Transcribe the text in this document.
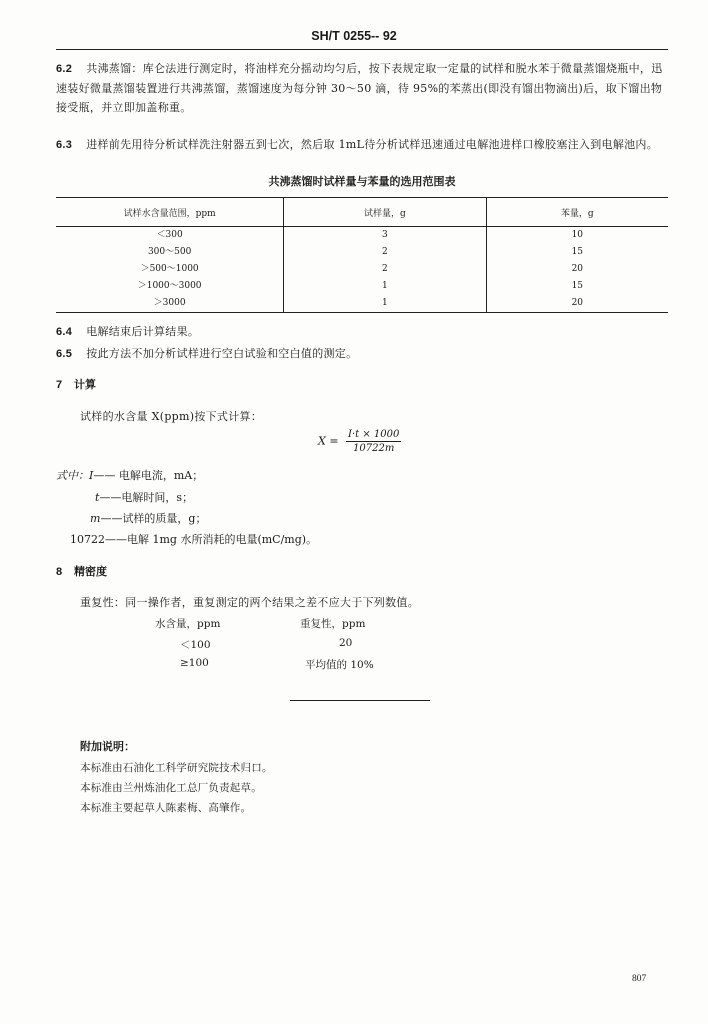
SH/T 0255-- 92
6.2 共沸蒸馏：库仑法进行测定时，将油样充分摇动均匀后，按下表规定取一定量的试样和脱水苯于微量蒸馏烧瓶中，迅速装好微量蒸馏装置进行共沸蒸馏，蒸馏速度为每分钟 30～50 滴，待 95%的苯蒸出(即没有馏出物滴出)后，取下馏出物接受瓶，并立即加盖称重。
6.3 进样前先用待分析试样洗注射器五到七次，然后取 1mL待分析试样迅速通过电解池进样口橡胶塞注入到电解池内。
共沸蒸馏时试样量与苯量的选用范围表
试样水含量范围，ppm	试样量，g	苯量，g
＜300	3	10
300～500	2	15
＞500～1000	2	20
＞1000～3000	1	15
＞3000	1	20
6.4 电解结束后计算结果。
6.5 按此方法不加分析试样进行空白试验和空白值的测定。
7 计算
试样的水含量 X(ppm)按下式计算：
$X = \frac{I\cdot t \times 1000}{10722m}$
式中：I—— 电解电流，mA；
t——电解时间，s；
m——试样的质量，g；
10722——电解 1mg 水所消耗的电量(mC/mg)。
8 精密度
重复性：同一操作者，重复测定的两个结果之差不应大于下列数值。
水含量，ppm	重复性，ppm
＜100	20
≥100	平均值的 10%
附加说明：
本标准由石油化工科学研究院技术归口。
本标准由兰州炼油化工总厂负责起草。
本标准主要起草人陈素梅、高肇作。
807
